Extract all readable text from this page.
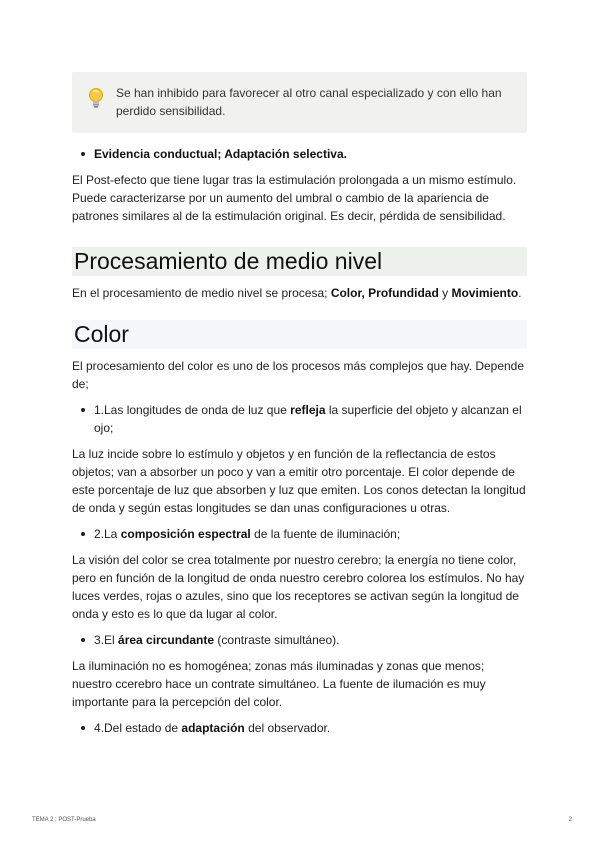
Se han inhibido para favorecer al otro canal especializado y con ello han perdido sensibilidad.
Evidencia conductual; Adaptación selectiva.

El Post-efecto que tiene lugar tras la estimulación prolongada a un mismo estímulo. Puede caracterizarse por un aumento del umbral o cambio de la apariencia de patrones similares al de la estimulación original. Es decir, pérdida de sensibilidad.

Procesamiento de medio nivel

En el procesamiento de medio nivel se procesa; Color, Profundidad y Movimiento.

Color

El procesamiento del color es uno de los procesos más complejos que hay. Depende de;

1.Las longitudes de onda de luz que refleja la superficie del objeto y alcanzan el ojo;

La luz incide sobre lo estímulo y objetos y en función de la reflectancia de estos objetos; van a absorber un poco y van a emitir otro porcentaje. El color depende de este porcentaje de luz que absorben y luz que emiten. Los conos detectan la longitud de onda y según estas longitudes se dan unas configuraciones u otras.

2.La composición espectral de la fuente de iluminación;

La visión del color se crea totalmente por nuestro cerebro; la energía no tiene color, pero en función de la longitud de onda nuestro cerebro colorea los estímulos. No hay luces verdes, rojas o azules, sino que los receptores se activan según la longitud de onda y esto es lo que da lugar al color.

3.El área circundante (contraste simultáneo).

La iluminación no es homogénea; zonas más iluminadas y zonas que menos; nuestro ccerebro hace un contrate simultáneo. La fuente de ilumación es muy importante para la percepción del color.

4.Del estado de adaptación del observador.
TEMA 2 ; POST-Prueba	2
